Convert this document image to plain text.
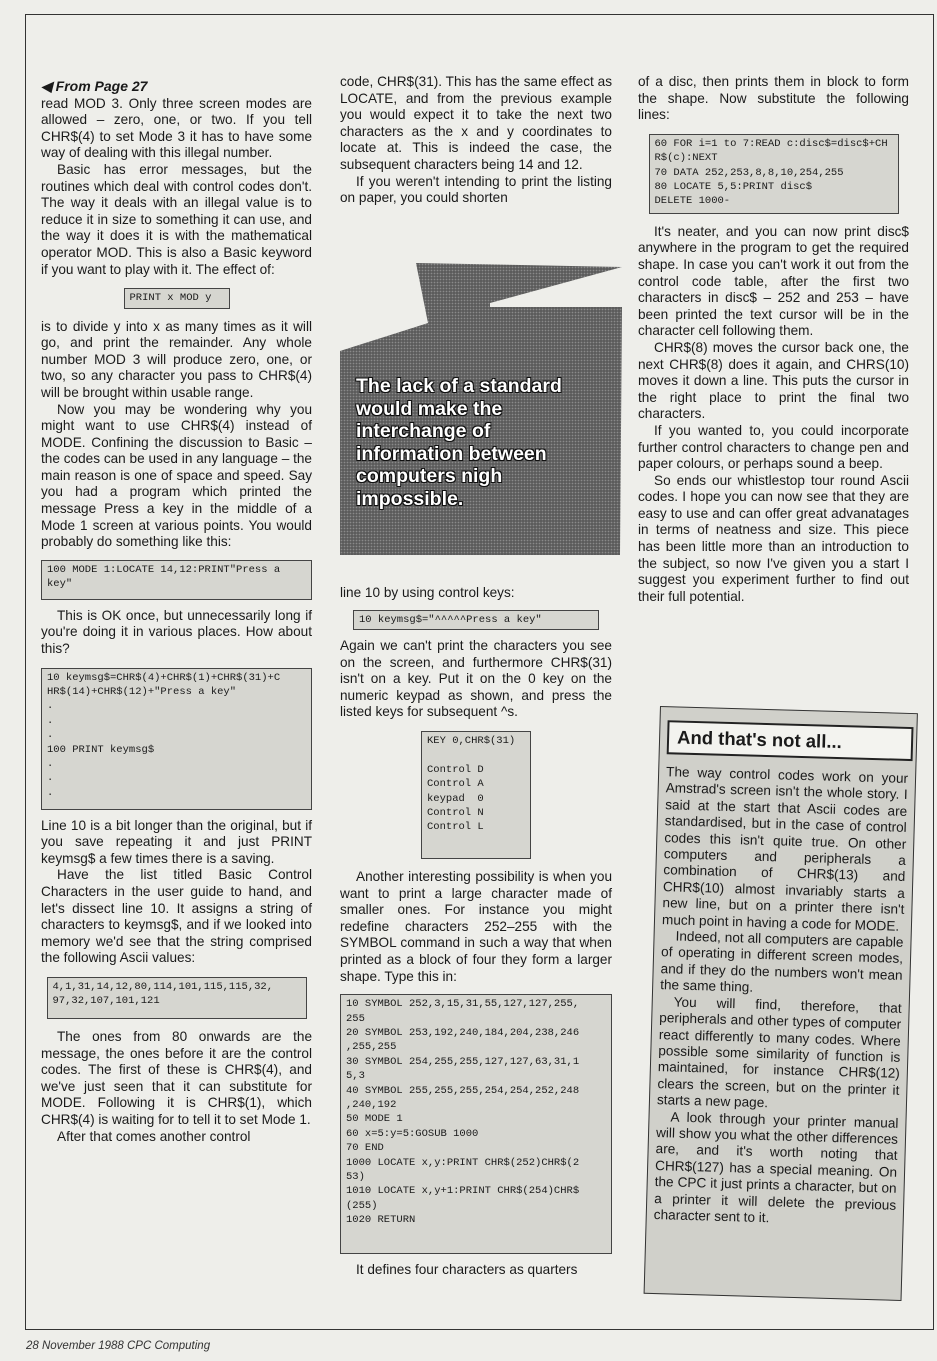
◀ From Page 27

read MOD 3. Only three screen modes are allowed – zero, one, or two. If you tell CHR$(4) to set Mode 3 it has to have some way of dealing with this illegal number.

Basic has error messages, but the routines which deal with control codes don't. The way it deals with an illegal value is to reduce it in size to something it can use, and the way it does it is with the mathematical operator MOD. This is also a Basic keyword if you want to play with it. The effect of:

PRINT x MOD y

is to divide y into x as many times as it will go, and print the remainder. Any whole number MOD 3 will produce zero, one, or two, so any character you pass to CHR$(4) will be brought within usable range.

Now you may be wondering why you might want to use CHR$(4) instead of MODE. Confining the discussion to Basic – the codes can be used in any language – the main reason is one of space and speed. Say you had a program which printed the message Press a key in the middle of a Mode 1 screen at various points. You would probably do something like this:

100 MODE 1:LOCATE 14,12:PRINT"Press a
key"

This is OK once, but unnecessarily long if you're doing it in various places. How about this?

10 keymsg$=CHR$(4)+CHR$(1)+CHR$(31)+C
HR$(14)+CHR$(12)+"Press a key"
.
.
.
100 PRINT keymsg$
.
.
.

Line 10 is a bit longer than the original, but if you save repeating it and just PRINT keymsg$ a few times there is a saving.

Have the list titled Basic Control Characters in the user guide to hand, and let's dissect line 10. It assigns a string of characters to keymsg$, and if we looked into memory we'd see that the string comprised the following Ascii values:

4,1,31,14,12,80,114,101,115,115,32,
97,32,107,101,121

The ones from 80 onwards are the message, the ones before it are the control codes. The first of these is CHR$(4), and we've just seen that it can substitute for MODE. Following it is CHR$(1), which CHR$(4) is waiting for to tell it to set Mode 1.

After that comes another control

code, CHR$(31). This has the same effect as LOCATE, and from the previous example you would expect it to take the next two characters as the x and y coordinates to locate at. This is indeed the case, the subsequent characters being 14 and 12.

If you weren't intending to print the listing on paper, you could shorten

The lack of a standard would make the interchange of information between computers nigh impossible.

line 10 by using control keys:

10 keymsg$="^^^^^Press a key"

Again we can't print the characters you see on the screen, and furthermore CHR$(31) isn't on a key. Put it on the 0 key on the numeric keypad as shown, and press the listed keys for subsequent ^s.

KEY 0,CHR$(31)

Control D
Control A
keypad  0
Control N
Control L

Another interesting possibility is when you want to print a large character made of smaller ones. For instance you might redefine characters 252–255 with the SYMBOL command in such a way that when printed as a block of four they form a larger shape. Type this in:

10 SYMBOL 252,3,15,31,55,127,127,255,
255
20 SYMBOL 253,192,240,184,204,238,246
,255,255
30 SYMBOL 254,255,255,127,127,63,31,1
5,3
40 SYMBOL 255,255,255,254,254,252,248
,240,192
50 MODE 1
60 x=5:y=5:GOSUB 1000
70 END
1000 LOCATE x,y:PRINT CHR$(252)CHR$(2
53)
1010 LOCATE x,y+1:PRINT CHR$(254)CHR$
(255)
1020 RETURN

It defines four characters as quarters

of a disc, then prints them in block to form the shape. Now substitute the following lines:

60 FOR i=1 to 7:READ c:disc$=disc$+CH
R$(c):NEXT
70 DATA 252,253,8,8,10,254,255
80 LOCATE 5,5:PRINT disc$
DELETE 1000-

It's neater, and you can now print disc$ anywhere in the program to get the required shape. In case you can't work it out from the control code table, after the first two characters in disc$ – 252 and 253 – have been printed the text cursor will be in the character cell following them.

CHR$(8) moves the cursor back one, the next CHR$(8) does it again, and CHRS(10) moves it down a line. This puts the cursor in the right place to print the final two characters.

If you wanted to, you could incorporate further control characters to change pen and paper colours, or perhaps sound a beep.

So ends our whistlestop tour round Ascii codes. I hope you can now see that they are easy to use and can offer great advanatages in terms of neatness and size. This piece has been little more than an introduction to the subject, so now I've given you a start I suggest you experiment further to find out their full potential.

And that's not all...

The way control codes work on your Amstrad's screen isn't the whole story. I said at the start that Ascii codes are standardised, but in the case of control codes this isn't quite true. On other computers and peripherals a combination of CHR$(13) and CHR$(10) almost invariably starts a new line, but on a printer there isn't much point in having a code for MODE.

Indeed, not all computers are capable of operating in different screen modes, and if they do the numbers won't mean the same thing.

You will find, therefore, that peripherals and other types of computer react differently to many codes. Where possible some similarity of function is maintained, for instance CHR$(12) clears the screen, but on the printer it starts a new page.

A look through your printer manual will show you what the other differences are, and it's worth noting that CHR$(127) has a special meaning. On the CPC it just prints a character, but on a printer it will delete the previous character sent to it.

28 November 1988 CPC Computing
